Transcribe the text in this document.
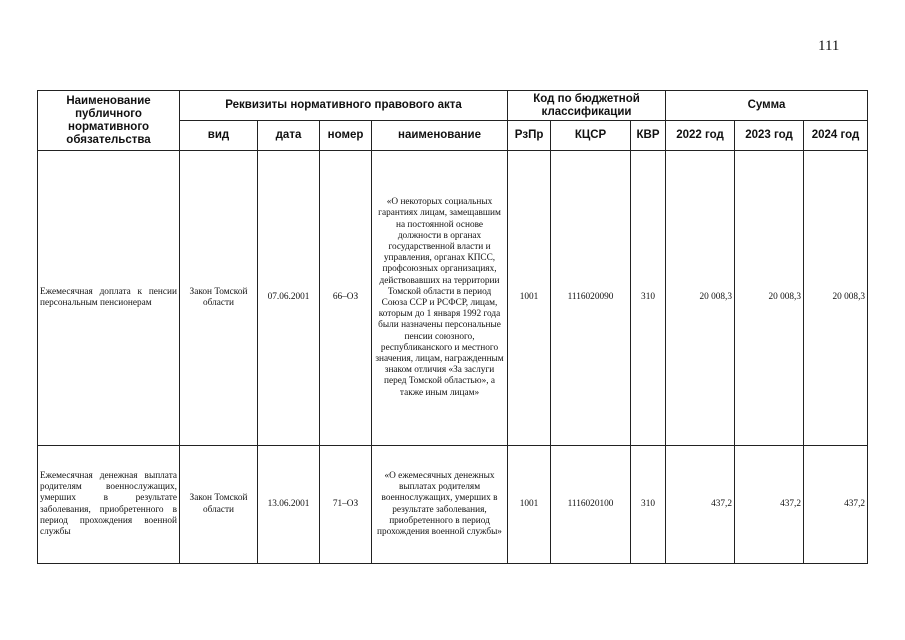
111
Наименование публичного нормативного обязательства	Реквизиты нормативного правового акта				Код по бюджетной классификации			Сумма		
	вид	дата	номер	наименование	РзПр	КЦСР	КВР	2022 год	2023 год	2024 год
Ежемесячная доплата к пенсии персональным пенсионерам	Закон Томской области	07.06.2001	66–ОЗ	«О некоторых социальных гарантиях лицам, замещавшим на постоянной основе должности в органах государственной власти и управления, органах КПСС, профсоюзных организациях, действовавших на территории Томской области в период Союза ССР и РСФСР, лицам, которым до 1 января 1992 года были назначены персональные пенсии союзного, республиканского и местного значения, лицам, награжденным знаком отличия «За заслуги перед Томской областью», а также иным лицам»	1001	1116020090	310	20 008,3	20 008,3	20 008,3
Ежемесячная денежная выплата родителям военнослужащих, умерших в результате заболевания, приобретенного в период прохождения военной службы	Закон Томской области	13.06.2001	71–ОЗ	«О ежемесячных денежных выплатах родителям военнослужащих, умерших в результате заболевания, приобретенного в период прохождения военной службы»	1001	1116020100	310	437,2	437,2	437,2
